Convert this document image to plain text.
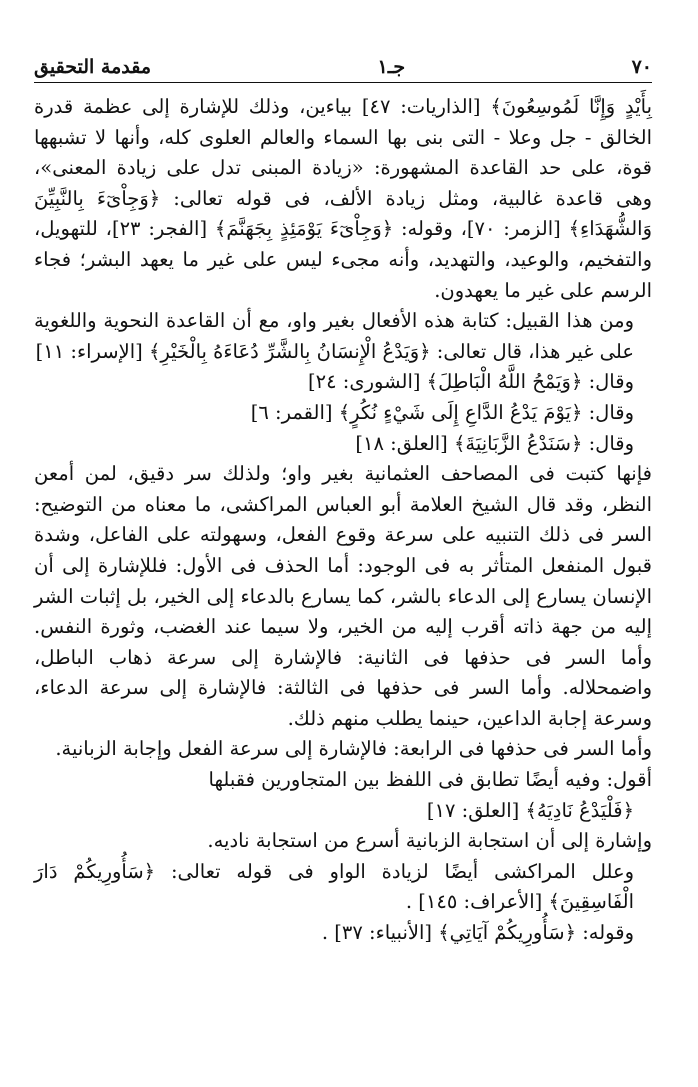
٧٠
جـ١
مقدمة التحقيق

بِأَيْدٍ وَإِنَّا لَمُوسِعُونَ﴾ [الذاريات: ٤٧] بياءين، وذلك للإشارة إلى عظمة قدرة الخالق - جل وعلا - التى بنى بها السماء والعالم العلوى كله، وأنها لا تشبهها قوة، على حد القاعدة المشهورة: «زيادة المبنى تدل على زيادة المعنى»، وهى قاعدة غالبية، ومثل زيادة الألف، فى قوله تعالى: ﴿وَجِاْىٓءَ بِالنَّبِيِّنَ وَالشُّهَدَاءِ﴾ [الزمر: ٧٠]، وقوله: ﴿وَجِاْىٓءَ يَوْمَئِذٍ بِجَهَنَّمَ﴾ [الفجر: ٢٣]، للتهويل، والتفخيم، والوعيد، والتهديد، وأنه مجىء ليس على غير ما يعهد البشر؛ فجاء الرسم على غير ما يعهدون.

ومن هذا القبيل: كتابة هذه الأفعال بغير واو، مع أن القاعدة النحوية واللغوية على غير هذا، قال تعالى: ﴿وَيَدْعُ الْإِنسَانُ بِالشَّرِّ دُعَاءَهُ بِالْخَيْرِ﴾ [الإسراء: ١١]

وقال: ﴿وَيَمْحُ اللَّهُ الْبَاطِلَ﴾ [الشورى: ٢٤]

وقال: ﴿يَوْمَ يَدْعُ الدَّاعِ إِلَى شَيْءٍ نُكُرٍ﴾ [القمر: ٦]

وقال: ﴿سَنَدْعُ الزَّبَانِيَةَ﴾ [العلق: ١٨]

فإنها كتبت فى المصاحف العثمانية بغير واو؛ ولذلك سر دقيق، لمن أمعن النظر، وقد قال الشيخ العلامة أبو العباس المراكشى، ما معناه من التوضيح: السر فى ذلك التنبيه على سرعة وقوع الفعل، وسهولته على الفاعل، وشدة قبول المنفعل المتأثر به فى الوجود: أما الحذف فى الأول: فللإشارة إلى أن الإنسان يسارع إلى الدعاء بالشر، كما يسارع بالدعاء إلى الخير، بل إثبات الشر إليه من جهة ذاته أقرب إليه من الخير، ولا سيما عند الغضب، وثورة النفس. وأما السر فى حذفها فى الثانية: فالإشارة إلى سرعة ذهاب الباطل، واضمحلاله. وأما السر فى حذفها فى الثالثة: فالإشارة إلى سرعة الدعاء، وسرعة إجابة الداعين، حينما يطلب منهم ذلك.

وأما السر فى حذفها فى الرابعة: فالإشارة إلى سرعة الفعل وإجابة الزبانية.

أقول: وفيه أيضًا تطابق فى اللفظ بين المتجاورين فقبلها

﴿فَلْيَدْعُ نَادِيَهُ﴾ [العلق: ١٧]

وإشارة إلى أن استجابة الزبانية أسرع من استجابة ناديه.

وعلل المراكشى أيضًا لزيادة الواو فى قوله تعالى: ﴿سَأُورِيكُمْ دَارَ الْفَاسِقِينَ﴾ [الأعراف: ١٤٥] .

وقوله: ﴿سَأُورِيكُمْ آيَاتِي﴾ [الأنبياء: ٣٧] .
